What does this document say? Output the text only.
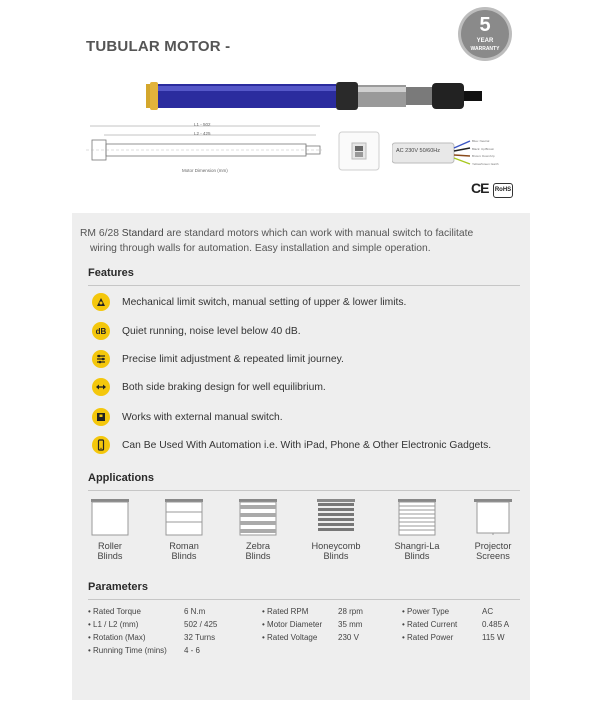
TUBULAR MOTOR -
5
YEAR
WARRANTY
L1 - 502
L2 - 425
Motor Dimension (mm)
AC 230V 50/60Hz
Blue: Neutral
Black: Up/Brown
Brown: Down/Up
Yellow/Green: Earth
CE	RoHS
RM 6/28 Standard are standard motors which can work with manual switch to facilitate
wiring through walls for automation. Easy installation and simple operation.
Features
Mechanical limit switch, manual setting of upper & lower limits.
dB Quiet running, noise level below 40 dB.
Precise limit adjustment & repeated limit journey.
Both side braking design for well equilibrium.
Works with external manual switch.
Can Be Used With Automation i.e. With iPad, Phone & Other Electronic Gadgets.
Applications
Roller
Blinds
Roman
Blinds
Zebra
Blinds
Honeycomb
Blinds
Shangri-La
Blinds
Projector
Screens
Parameters
• Rated Torque	6 N.m
• L1 / L2 (mm)	502 / 425
• Rotation (Max)	32 Turns
• Running Time (mins) 4 - 6
• Rated RPM	28 rpm
• Motor Diameter 35 mm
• Rated Voltage	230 V
• Power Type	AC
• Rated Current	0.485 A
• Rated Power	115 W
